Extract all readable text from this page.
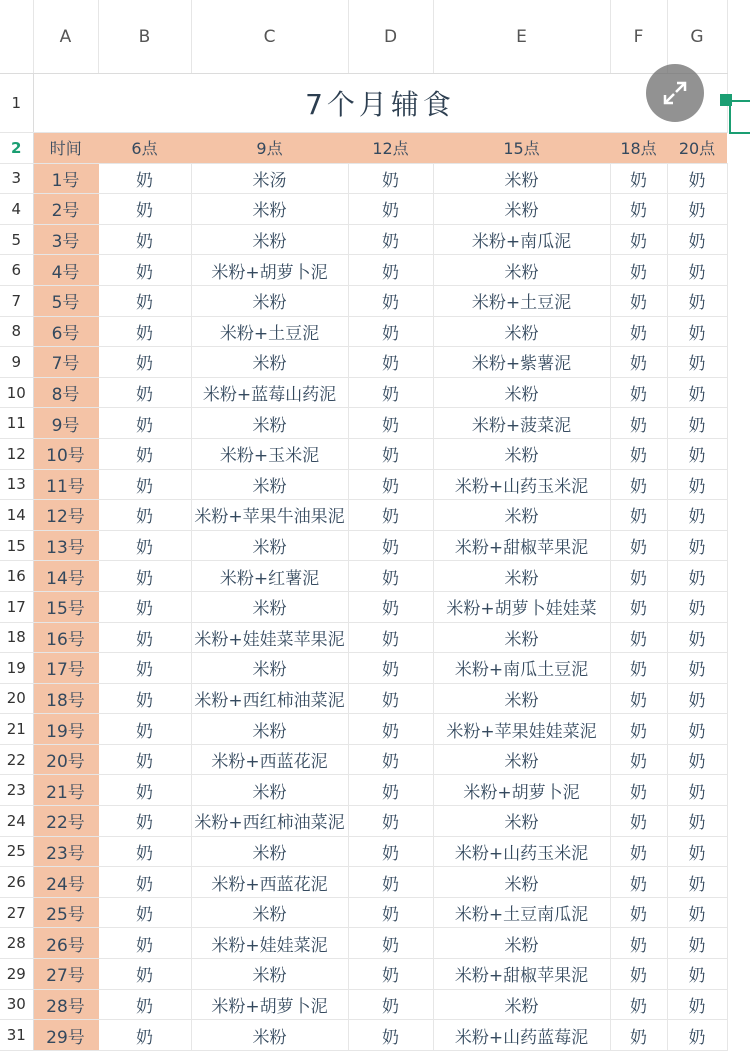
	A	B	C	D	E	F	G
1	7个月辅食						
2	时间	6点	9点	12点	15点	18点	20点
3	1号	奶	米汤	奶	米粉	奶	奶
4	2号	奶	米粉	奶	米粉	奶	奶
5	3号	奶	米粉	奶	米粉+南瓜泥	奶	奶
6	4号	奶	米粉+胡萝卜泥	奶	米粉	奶	奶
7	5号	奶	米粉	奶	米粉+土豆泥	奶	奶
8	6号	奶	米粉+土豆泥	奶	米粉	奶	奶
9	7号	奶	米粉	奶	米粉+紫薯泥	奶	奶
10	8号	奶	米粉+蓝莓山药泥	奶	米粉	奶	奶
11	9号	奶	米粉	奶	米粉+菠菜泥	奶	奶
12	10号	奶	米粉+玉米泥	奶	米粉	奶	奶
13	11号	奶	米粉	奶	米粉+山药玉米泥	奶	奶
14	12号	奶	米粉+苹果牛油果泥	奶	米粉	奶	奶
15	13号	奶	米粉	奶	米粉+甜椒苹果泥	奶	奶
16	14号	奶	米粉+红薯泥	奶	米粉	奶	奶
17	15号	奶	米粉	奶	米粉+胡萝卜娃娃菜	奶	奶
18	16号	奶	米粉+娃娃菜苹果泥	奶	米粉	奶	奶
19	17号	奶	米粉	奶	米粉+南瓜土豆泥	奶	奶
20	18号	奶	米粉+西红柿油菜泥	奶	米粉	奶	奶
21	19号	奶	米粉	奶	米粉+苹果娃娃菜泥	奶	奶
22	20号	奶	米粉+西蓝花泥	奶	米粉	奶	奶
23	21号	奶	米粉	奶	米粉+胡萝卜泥	奶	奶
24	22号	奶	米粉+西红柿油菜泥	奶	米粉	奶	奶
25	23号	奶	米粉	奶	米粉+山药玉米泥	奶	奶
26	24号	奶	米粉+西蓝花泥	奶	米粉	奶	奶
27	25号	奶	米粉	奶	米粉+土豆南瓜泥	奶	奶
28	26号	奶	米粉+娃娃菜泥	奶	米粉	奶	奶
29	27号	奶	米粉	奶	米粉+甜椒苹果泥	奶	奶
30	28号	奶	米粉+胡萝卜泥	奶	米粉	奶	奶
31	29号	奶	米粉	奶	米粉+山药蓝莓泥	奶	奶
